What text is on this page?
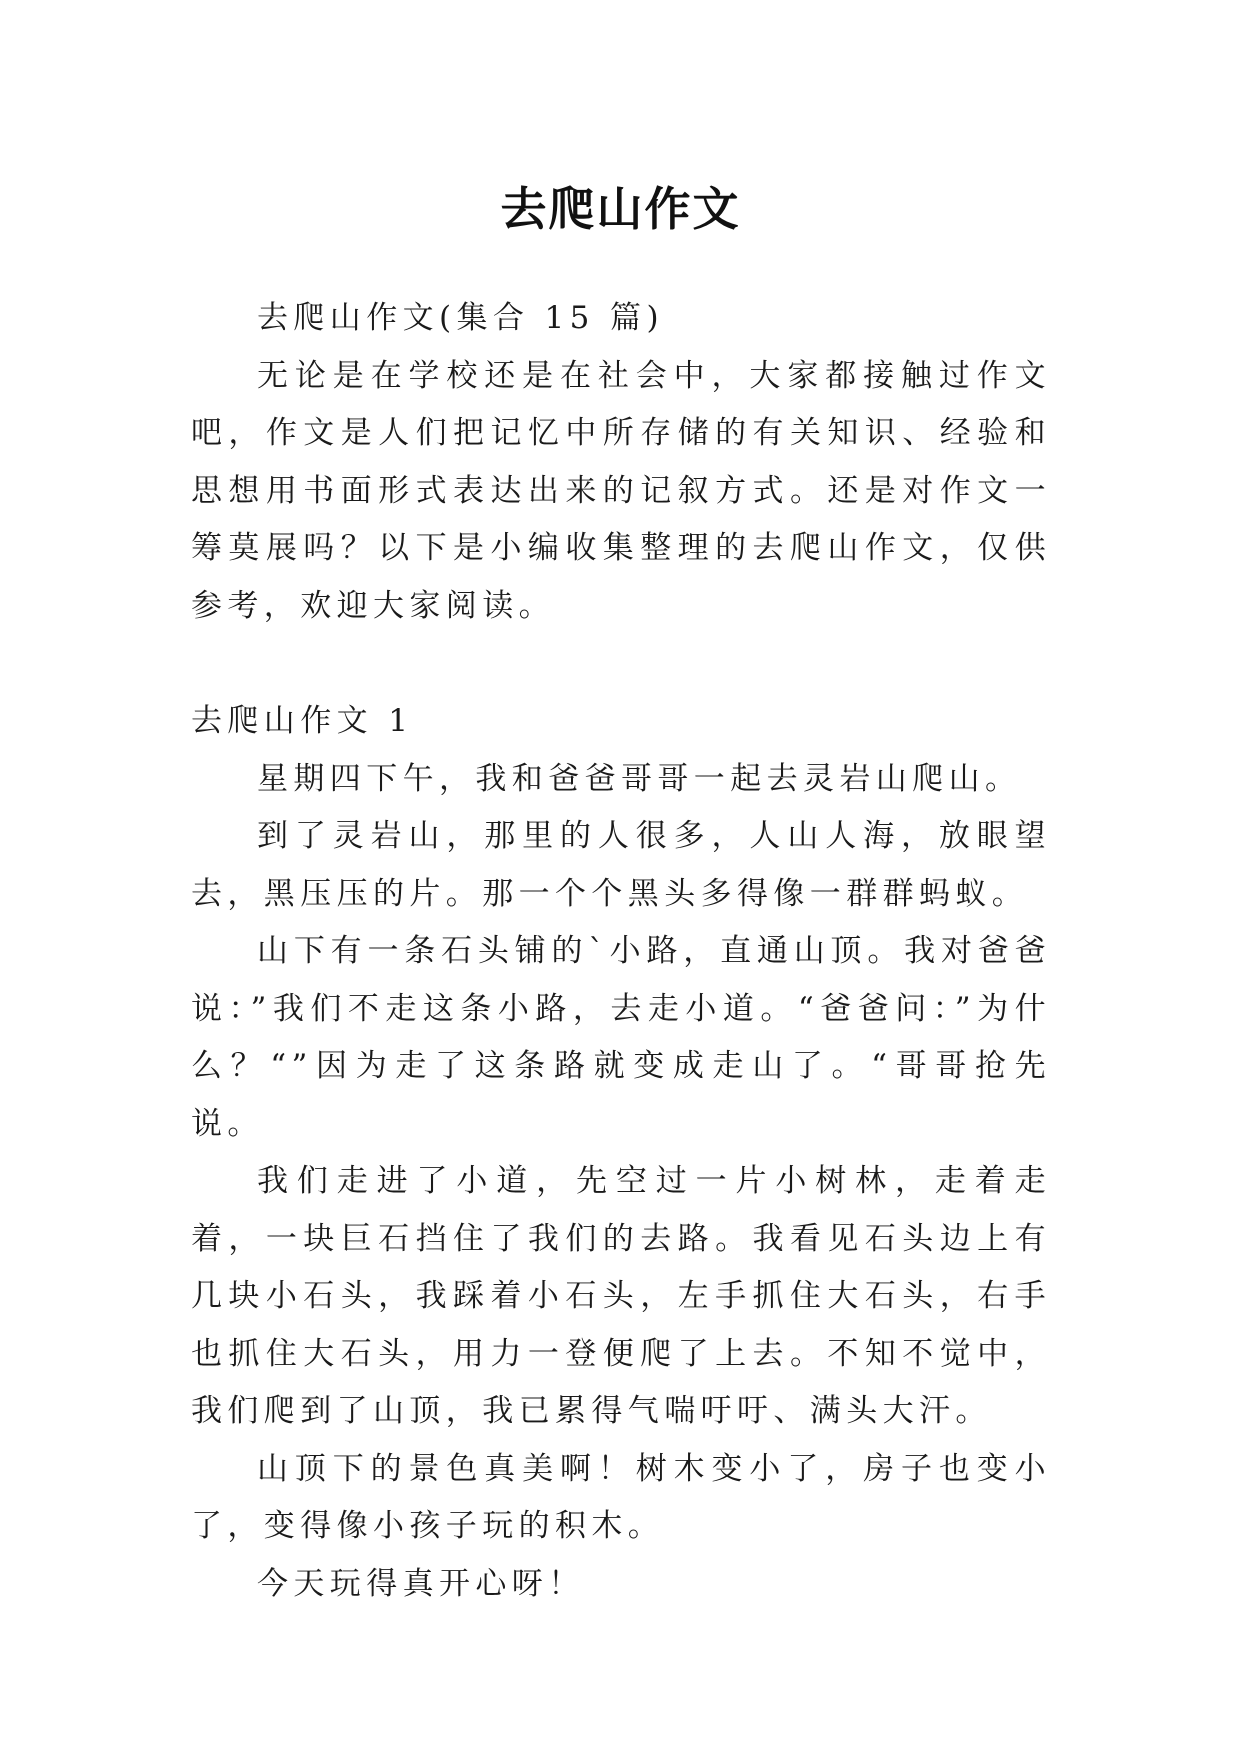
去爬山作文

去爬山作文(集合 15 篇)

无论是在学校还是在社会中，大家都接触过作文吧，作文是人们把记忆中所存储的有关知识、经验和思想用书面形式表达出来的记叙方式。还是对作文一筹莫展吗？以下是小编收集整理的去爬山作文，仅供参考，欢迎大家阅读。

去爬山作文 1

星期四下午，我和爸爸哥哥一起去灵岩山爬山。

到了灵岩山，那里的人很多，人山人海，放眼望去，黑压压的片。那一个个黑头多得像一群群蚂蚁。

山下有一条石头铺的`小路，直通山顶。我对爸爸说：”我们不走这条小路，去走小道。“爸爸问：”为什么？“”因为走了这条路就变成走山了。“哥哥抢先说。

我们走进了小道，先空过一片小树林，走着走着，一块巨石挡住了我们的去路。我看见石头边上有几块小石头，我踩着小石头，左手抓住大石头，右手也抓住大石头，用力一登便爬了上去。不知不觉中，我们爬到了山顶，我已累得气喘吁吁、满头大汗。

山顶下的景色真美啊！树木变小了，房子也变小了，变得像小孩子玩的积木。

今天玩得真开心呀！
